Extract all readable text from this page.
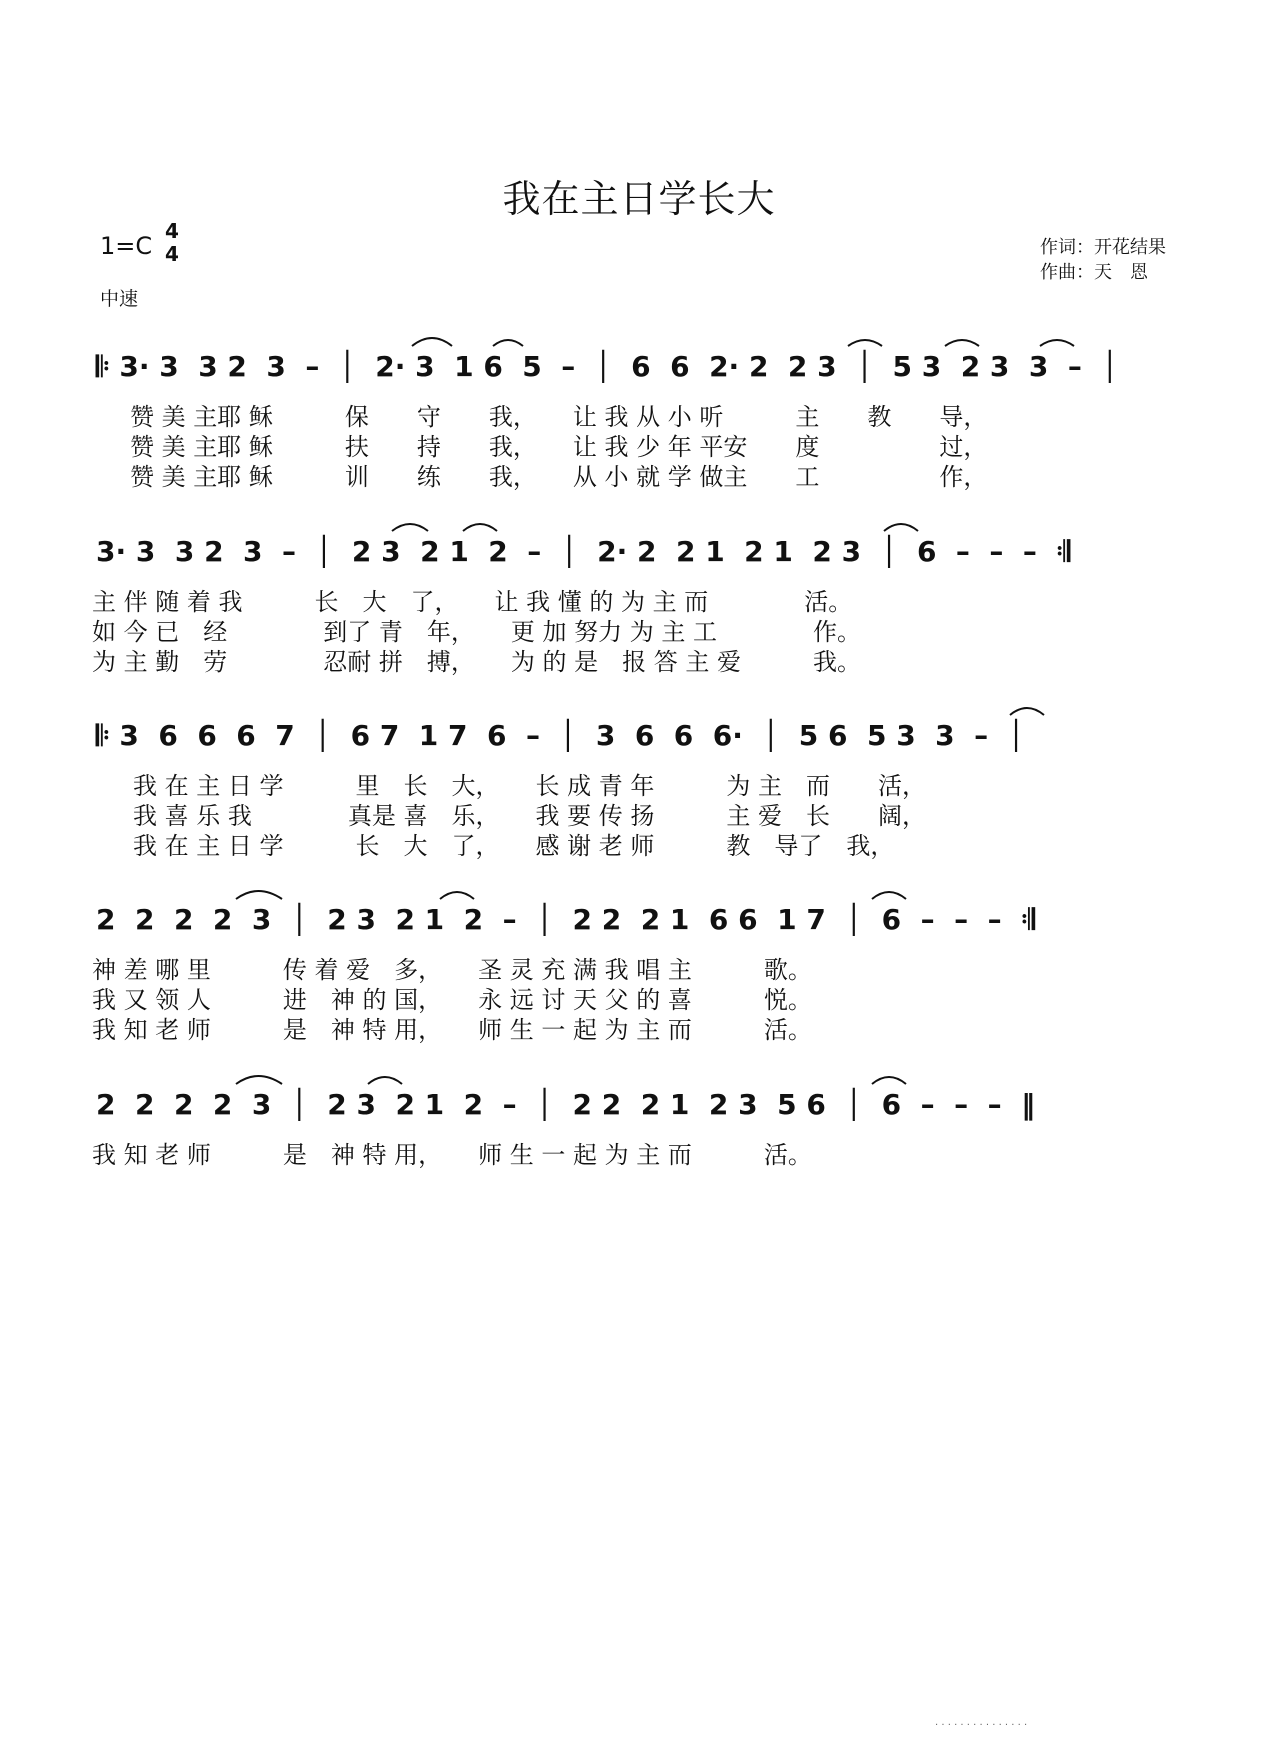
我在主日学长大
1=C
4
4
中速
作词：开花结果
作曲：天　恩
𝄆 3· 3  3 2  3  –  │  2· 3  1 6  5  –  │  6  6  2· 2  2 3  │  5 3  2 3  3  –  │
赞 美 主耶 稣　　　保　　守　　我，　　让 我 从 小 听　　　主　　教　　导，
赞 美 主耶 稣　　　扶　　持　　我，　　让 我 少 年 平安　　度　　　　　过，
赞 美 主耶 稣　　　训　　练　　我，　　从 小 就 学 做主　　工　　　　　作，
3· 3  3 2  3  –  │  2 3  2 1  2  –  │  2· 2  2 1  2 1  2 3  │  6  –  –  –  𝄇
主 伴 随 着 我　　　长　大　了，　　让 我 懂 的 为 主 而　　　　活。
如 今 已　经　　　　到了 青　年，　　更 加 努力 为 主 工　　　　作。
为 主 勤　劳　　　　忍耐 拼　搏，　　为 的 是　报 答 主 爱　　　我。
𝄆 3  6  6  6  7  │  6 7  1 7  6  –  │  3  6  6  6·  │  5 6  5 3  3  –  │
我 在 主 日 学　　　里　长　大，　　长 成 青 年　　　为 主　而　　活，
我 喜 乐 我　　　　真是 喜　乐，　　我 要 传 扬　　　主 爱　长　　阔，
我 在 主 日 学　　　长　大　了，　　感 谢 老 师　　　教　导了　我，
2  2  2  2  3  │  2 3  2 1  2  –  │  2 2  2 1  6 6  1 7  │  6  –  –  –  𝄇
神 差 哪 里　　　传 着 爱　多，　　圣 灵 充 满 我 唱 主　　　歌。
我 又 领 人　　　进　神 的 国，　　永 远 讨 天 父 的 喜　　　悦。
我 知 老 师　　　是　神 特 用，　　师 生 一 起 为 主 而　　　活。
2  2  2  2  3  │  2 3  2 1  2  –  │  2 2  2 1  2 3  5 6  │  6  –  –  –  ‖
我 知 老 师　　　是　神 特 用，　　师 生 一 起 为 主 而　　　活。
· · · · · · · · · · · · · · ·
